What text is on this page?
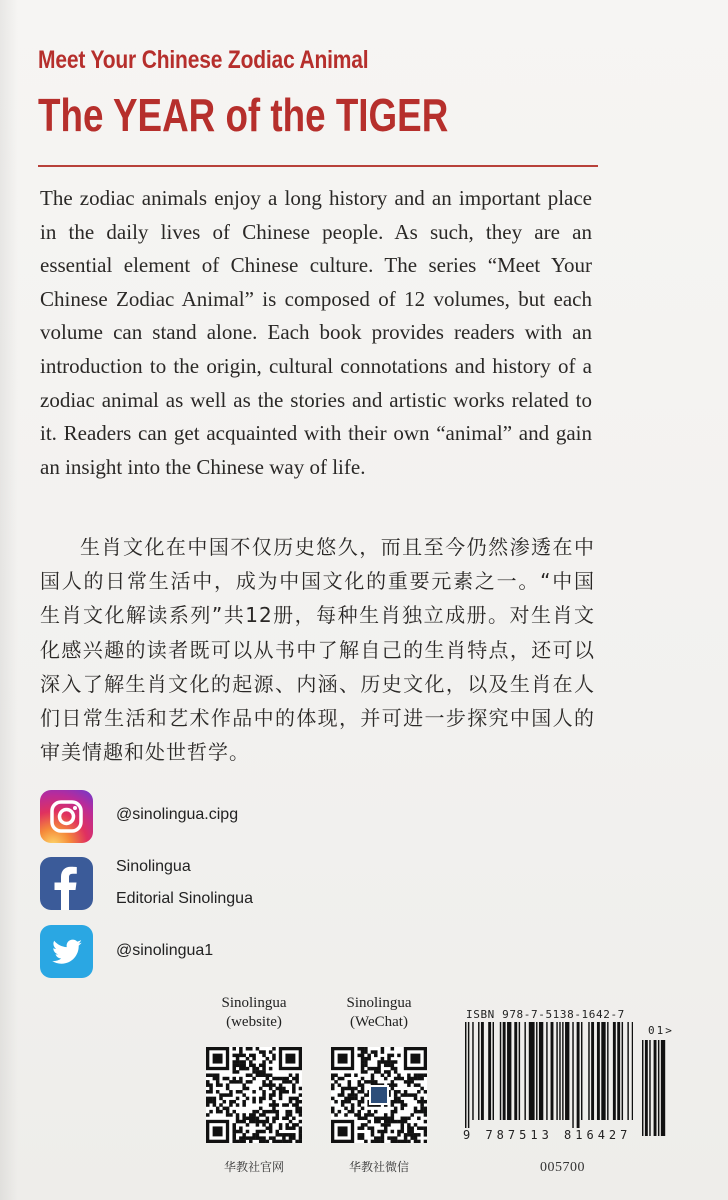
Meet Your Chinese Zodiac Animal
The YEAR of the TIGER

The zodiac animals enjoy a long history and an important place in the daily lives of Chinese people. As such, they are an essential element of Chinese culture. The series “Meet Your Chinese Zodiac Animal” is composed of 12 volumes, but each volume can stand alone. Each book provides readers with an introduction to the origin, cultural connotations and history of a zodiac animal as well as the stories and artistic works related to it. Readers can get acquainted with their own “animal” and gain an insight into the Chinese way of life.

生肖文化在中国不仅历史悠久，而且至今仍然渗透在中国人的日常生活中，成为中国文化的重要元素之一。“中国生肖文化解读系列”共12册，每种生肖独立成册。对生肖文化感兴趣的读者既可以从书中了解自己的生肖特点，还可以深入了解生肖文化的起源、内涵、历史文化，以及生肖在人们日常生活和艺术作品中的体现，并可进一步探究中国人的审美情趣和处世哲学。

@sinolingua.cipg
Sinolingua
Editorial Sinolingua
@sinolingua1
Sinolingua
(website)
华教社官网
Sinolingua
(WeChat)
华教社微信
ISBN 978-7-5138-1642-7
9 787513 816427
01>
005700
